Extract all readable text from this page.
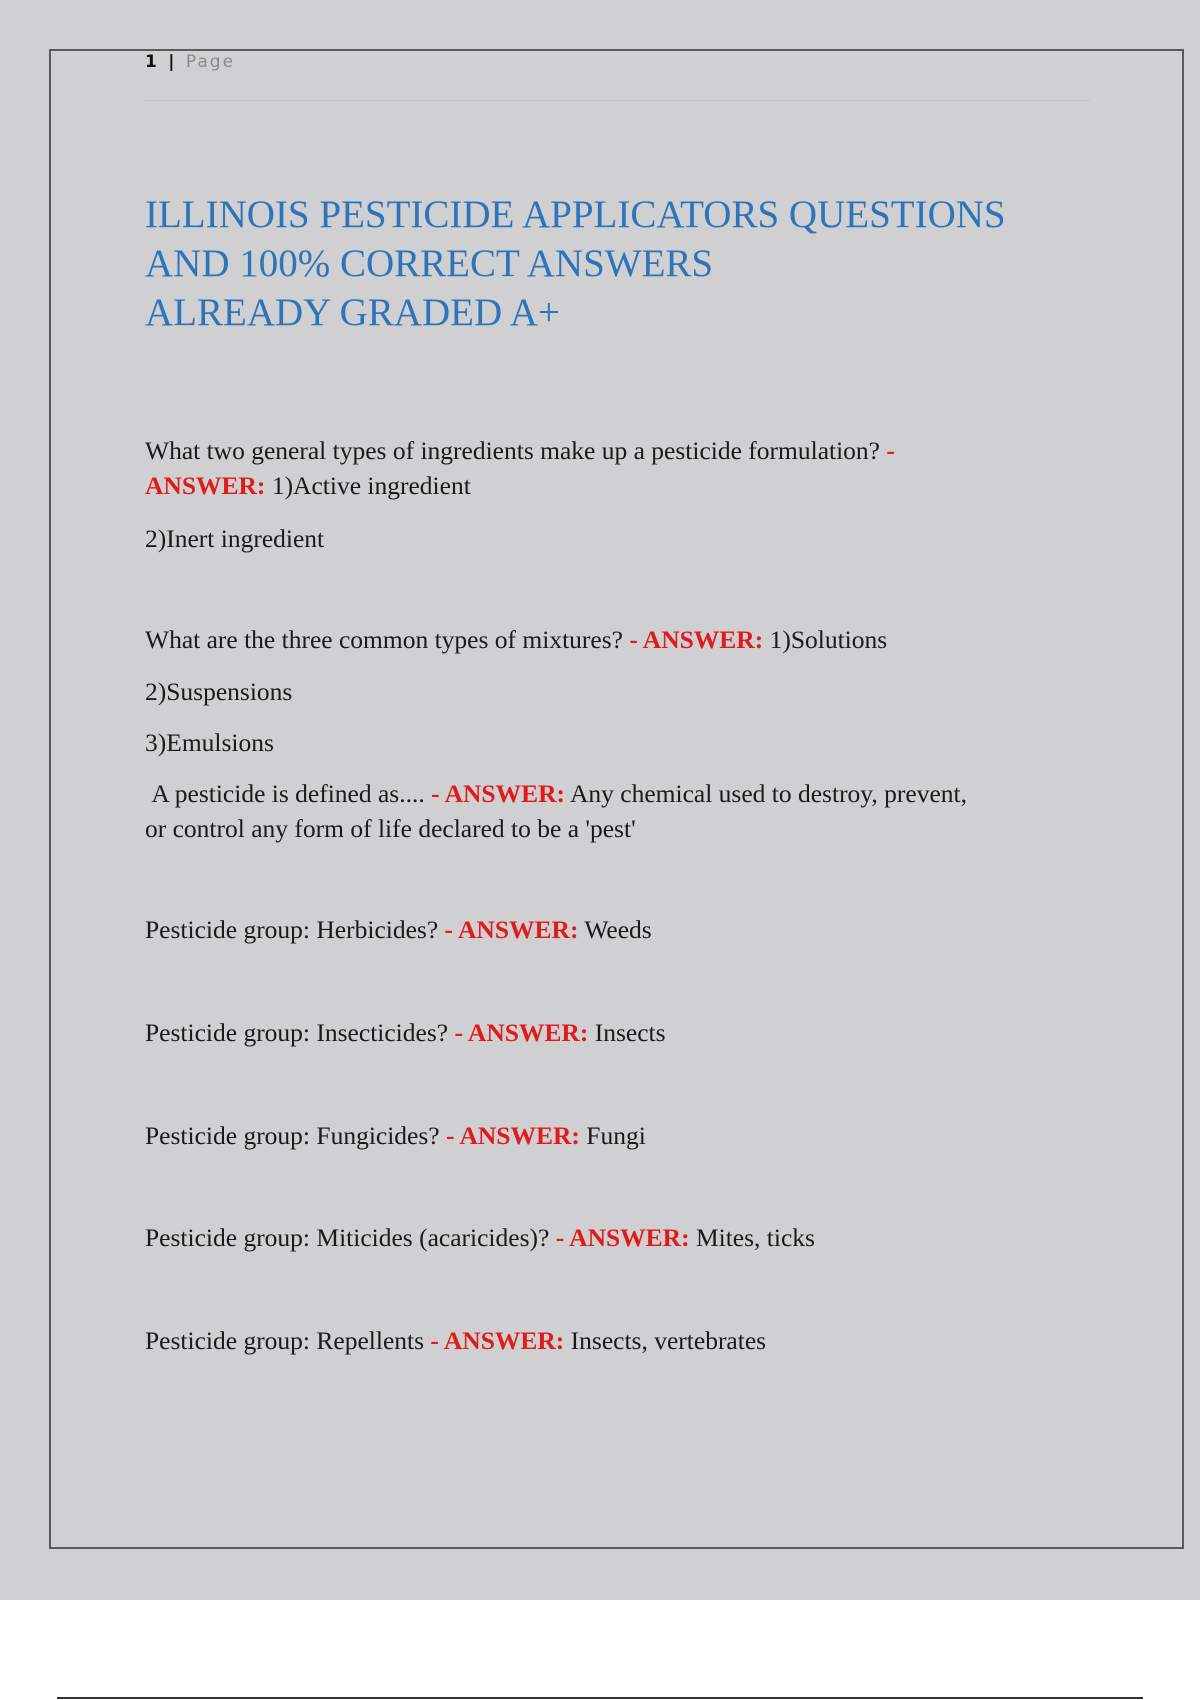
1 | Page
ILLINOIS PESTICIDE APPLICATORS QUESTIONS
AND 100% CORRECT ANSWERS
ALREADY GRADED A+
What two general types of ingredients make up a pesticide formulation? -
ANSWER: 1)Active ingredient
2)Inert ingredient
What are the three common types of mixtures? - ANSWER: 1)Solutions
2)Suspensions
3)Emulsions
A pesticide is defined as.... - ANSWER: Any chemical used to destroy, prevent,
or control any form of life declared to be a 'pest'
Pesticide group: Herbicides? - ANSWER: Weeds
Pesticide group: Insecticides? - ANSWER: Insects
Pesticide group: Fungicides? - ANSWER: Fungi
Pesticide group: Miticides (acaricides)? - ANSWER: Mites, ticks
Pesticide group: Repellents - ANSWER: Insects, vertebrates
